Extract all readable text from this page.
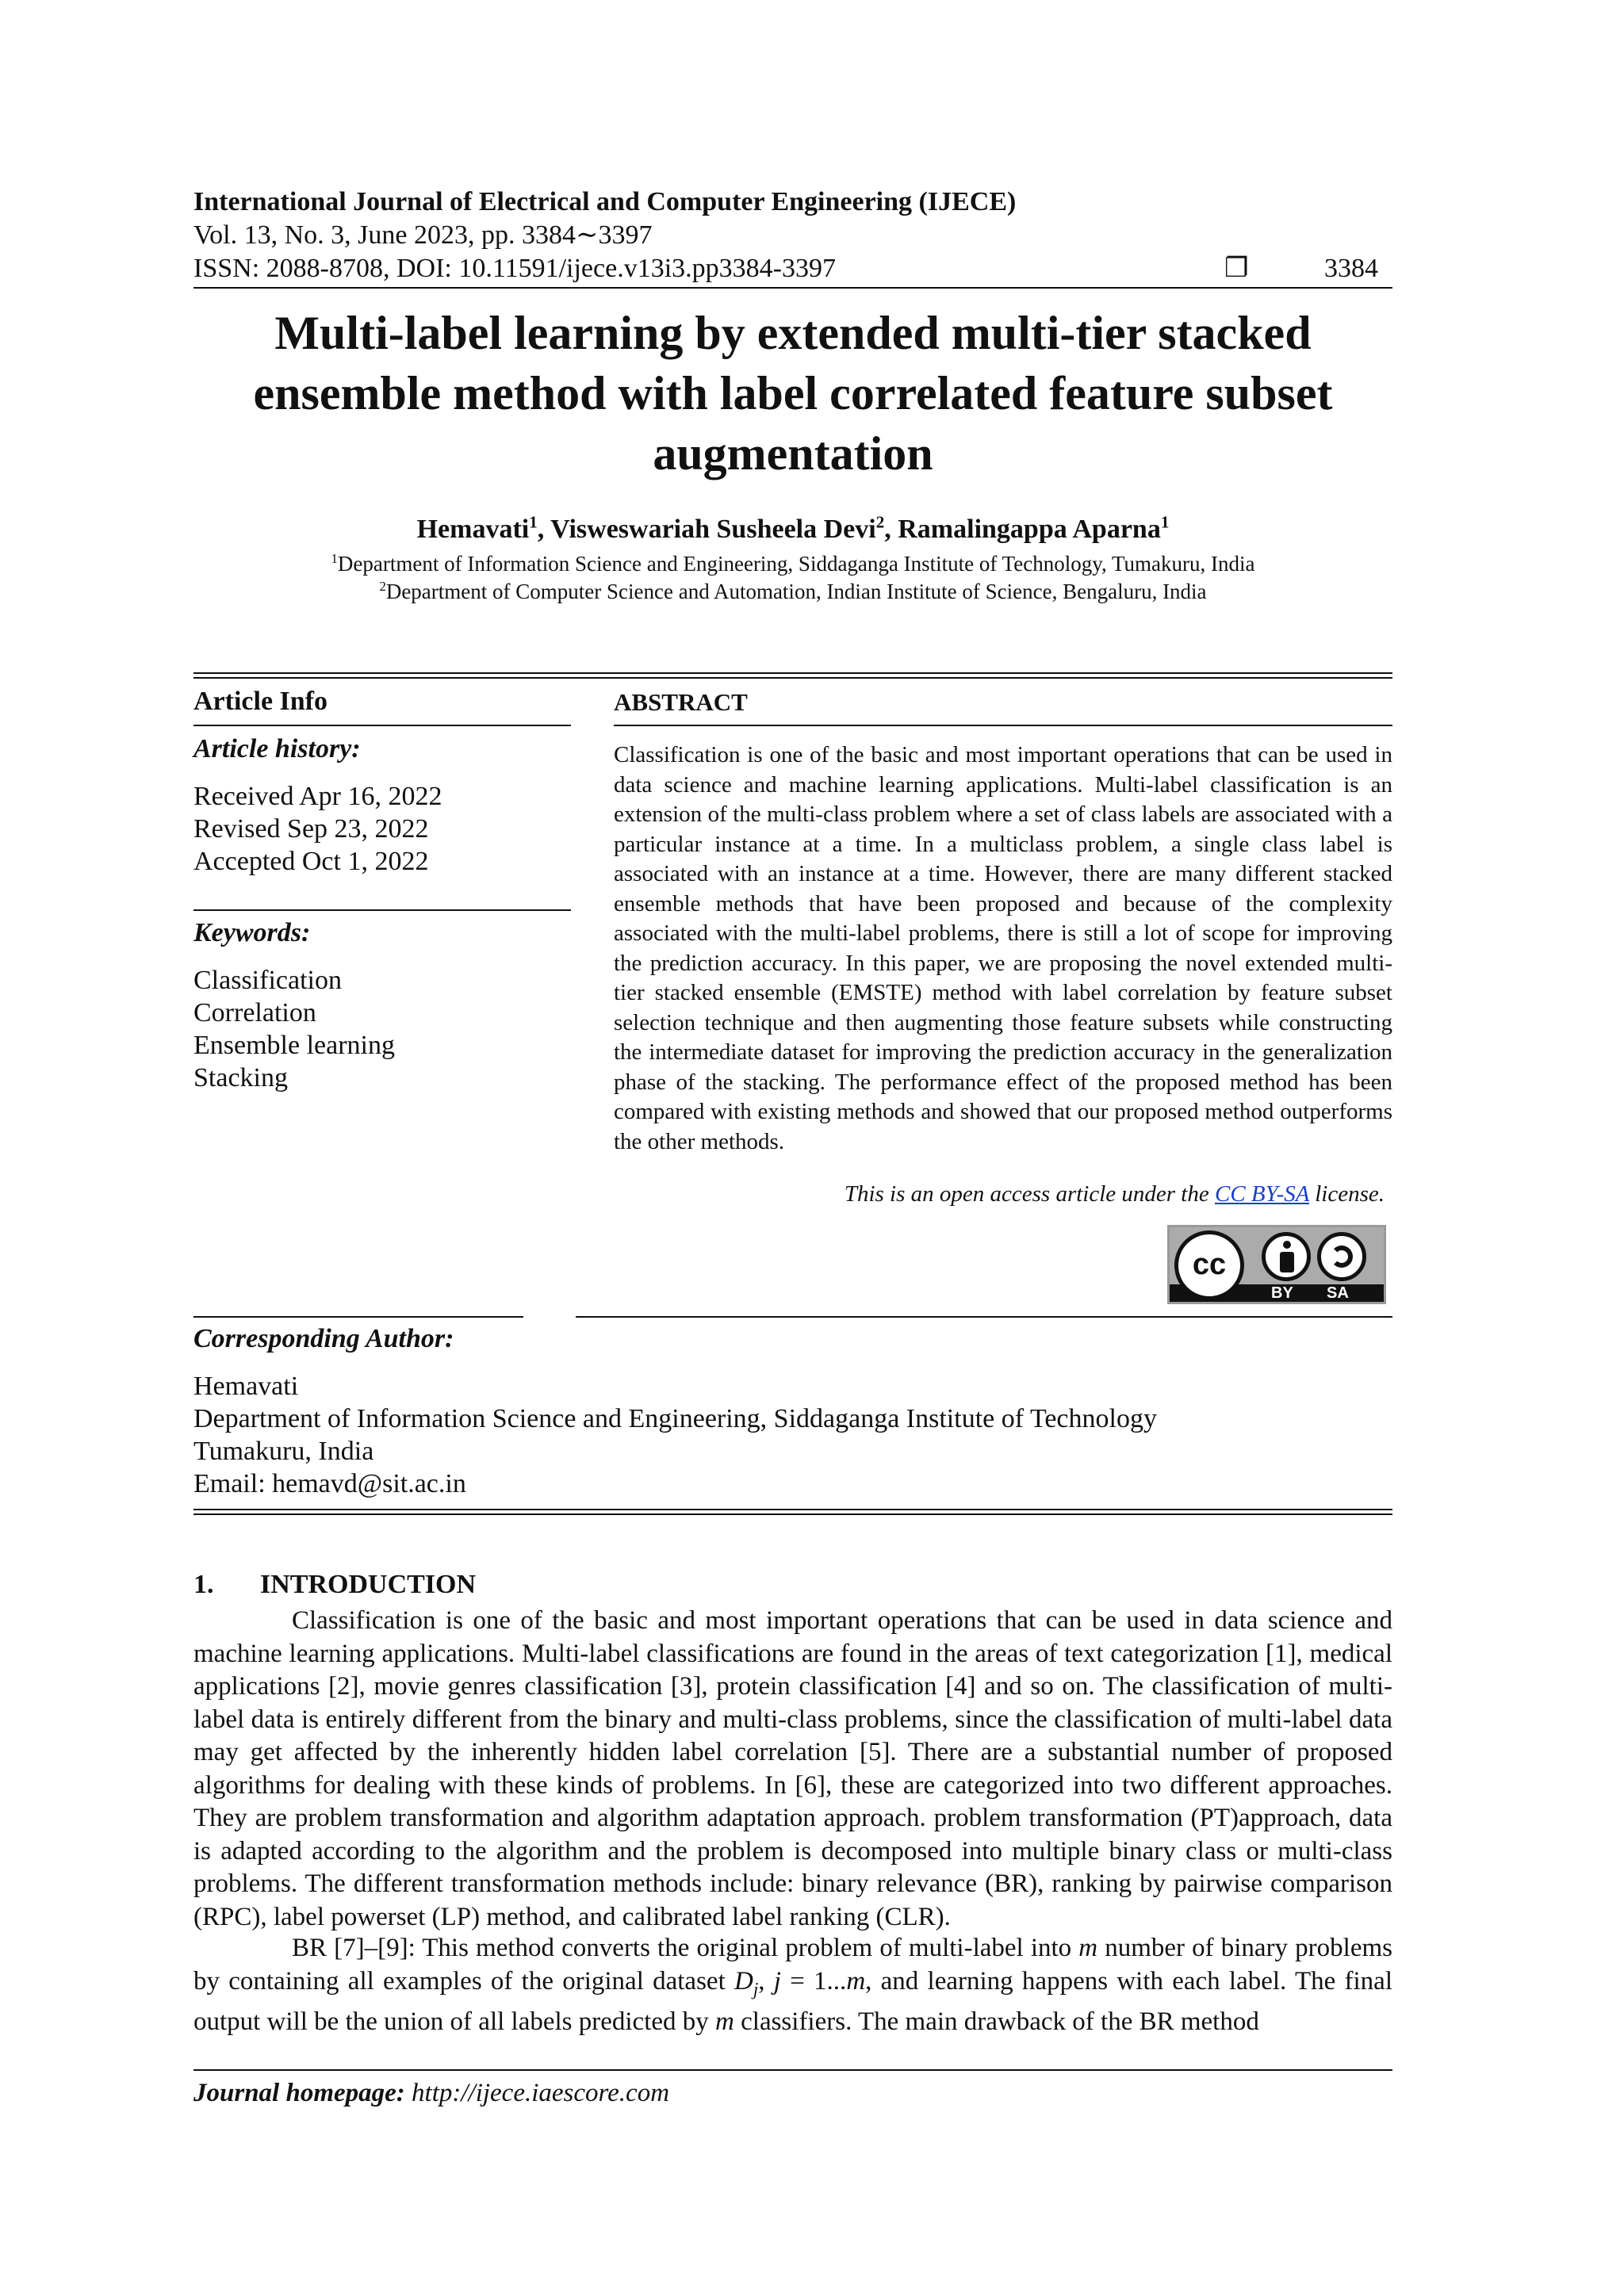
International Journal of Electrical and Computer Engineering (IJECE)
Vol. 13, No. 3, June 2023, pp. 3384∼3397
ISSN: 2088-8708, DOI: 10.11591/ijece.v13i3.pp3384-3397	❐	3384
Multi-label learning by extended multi-tier stacked ensemble method with label correlated feature subset augmentation
Hemavati$^1$, Visweswariah Susheela Devi$^2$, Ramalingappa Aparna$^1$
$^1$Department of Information Science and Engineering, Siddaganga Institute of Technology, Tumakuru, India
$^2$Department of Computer Science and Automation, Indian Institute of Science, Bengaluru, India
Article Info
Article history:
Received Apr 16, 2022
Revised Sep 23, 2022
Accepted Oct 1, 2022
Keywords:
Classification
Correlation
Ensemble learning
Stacking
ABSTRACT
Classification is one of the basic and most important operations that can be used in data science and machine learning applications. Multi-label classification is an extension of the multi-class problem where a set of class labels are associated with a particular instance at a time. In a multiclass problem, a single class label is associated with an instance at a time. However, there are many different stacked ensemble methods that have been proposed and because of the complexity associated with the multi-label problems, there is still a lot of scope for improving the prediction accuracy. In this paper, we are proposing the novel extended multi-tier stacked ensemble (EMSTE) method with label correlation by feature subset selection technique and then augmenting those feature subsets while constructing the intermediate dataset for improving the prediction accuracy in the generalization phase of the stacking. The performance effect of the proposed method has been compared with existing methods and showed that our proposed method outperforms the other methods.
This is an open access article under the CC BY-SA license.
cc
BY SA
Corresponding Author:
Hemavati
Department of Information Science and Engineering, Siddaganga Institute of Technology
Tumakuru, India
Email: hemavd@sit.ac.in
1. INTRODUCTION
Classification is one of the basic and most important operations that can be used in data science and machine learning applications. Multi-label classifications are found in the areas of text categorization [1], medical applications [2], movie genres classification [3], protein classification [4] and so on. The classification of multi-label data is entirely different from the binary and multi-class problems, since the classification of multi-label data may get affected by the inherently hidden label correlation [5]. There are a substantial number of proposed algorithms for dealing with these kinds of problems. In [6], these are categorized into two different approaches. They are problem transformation and algorithm adaptation approach. problem transformation (PT)approach, data is adapted according to the algorithm and the problem is decomposed into multiple binary class or multi-class problems. The different transformation methods include: binary relevance (BR), ranking by pairwise comparison (RPC), label powerset (LP) method, and calibrated label ranking (CLR).
BR [7]–[9]: This method converts the original problem of multi-label into m number of binary problems by containing all examples of the original dataset $D_j$, j = 1...m, and learning happens with each label. The final output will be the union of all labels predicted by m classifiers. The main drawback of the BR method
Journal homepage: http://ijece.iaescore.com
